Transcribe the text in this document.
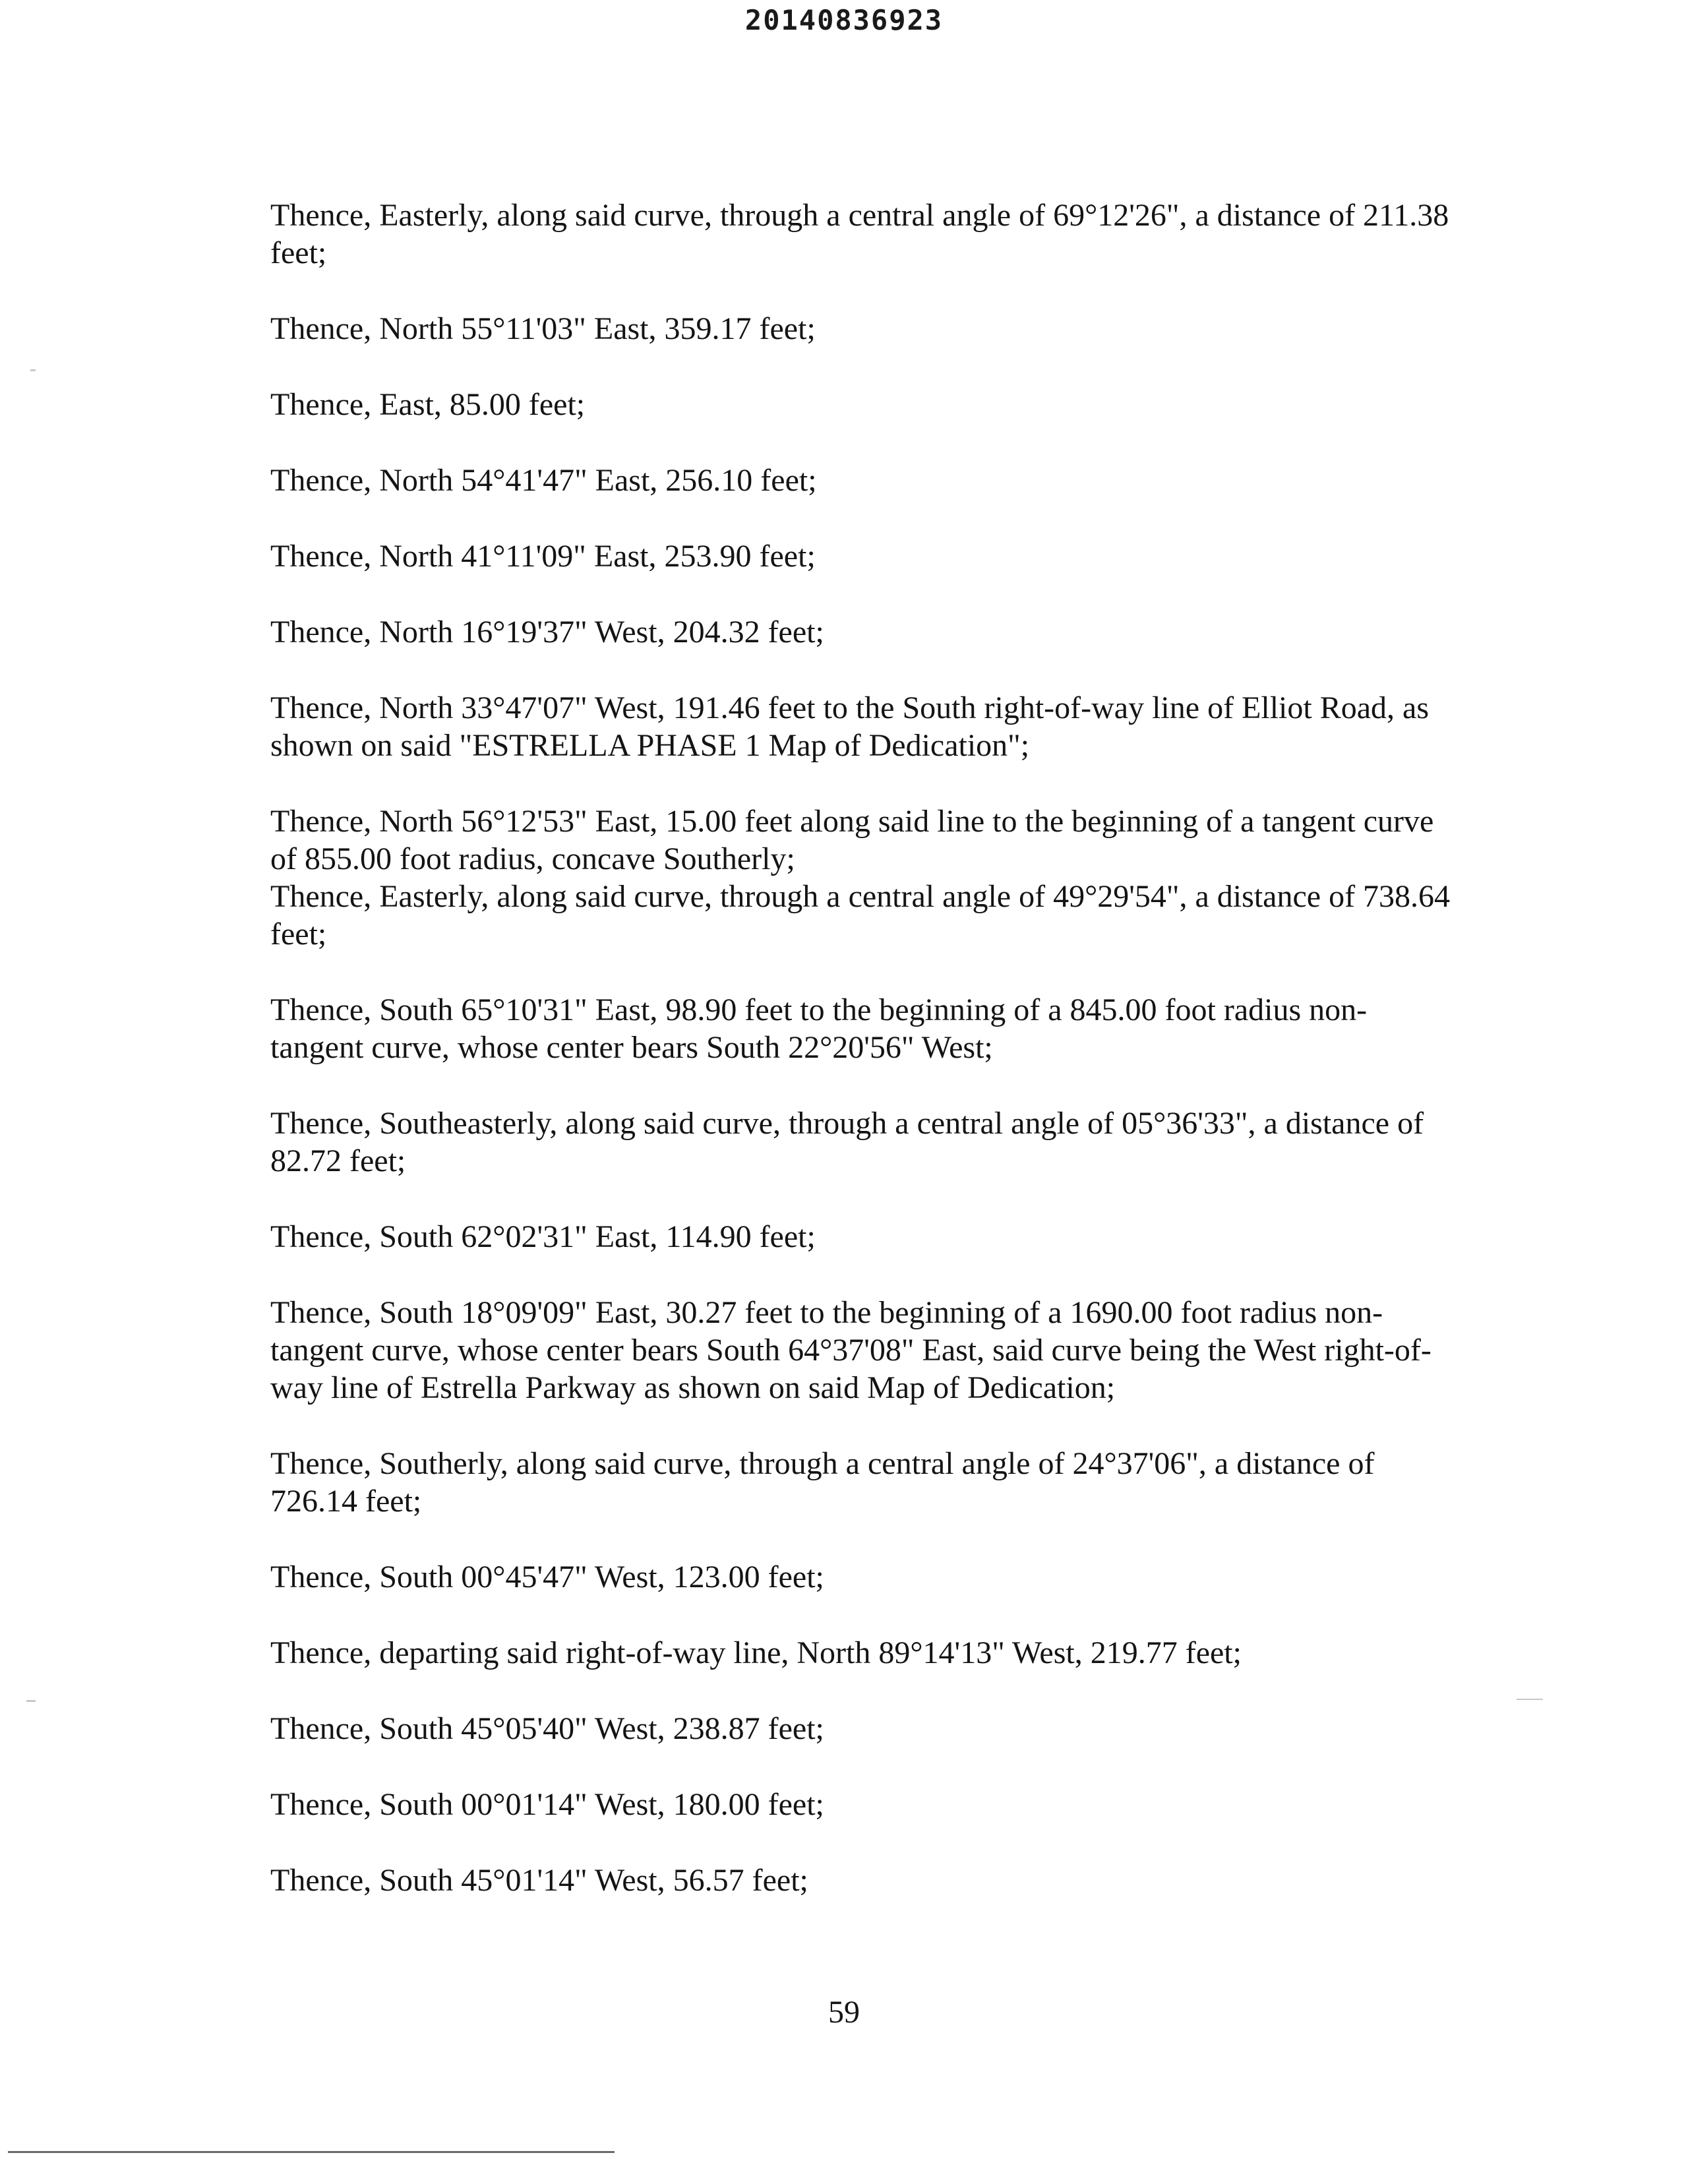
20140836923

Thence, Easterly, along said curve, through a central angle of 69°12'26", a distance of 211.38 feet;

Thence, North 55°11'03" East, 359.17 feet;

Thence, East, 85.00 feet;

Thence, North 54°41'47" East, 256.10 feet;

Thence, North 41°11'09" East, 253.90 feet;

Thence, North 16°19'37" West, 204.32 feet;

Thence, North 33°47'07" West, 191.46 feet to the South right-of-way line of Elliot Road, as shown on said "ESTRELLA PHASE 1 Map of Dedication";

Thence, North 56°12'53" East, 15.00 feet along said line to the beginning of a tangent curve of 855.00 foot radius, concave Southerly;

Thence, Easterly, along said curve, through a central angle of 49°29'54", a distance of 738.64 feet;

Thence, South 65°10'31" East, 98.90 feet to the beginning of a 845.00 foot radius non-tangent curve, whose center bears South 22°20'56" West;

Thence, Southeasterly, along said curve, through a central angle of 05°36'33", a distance of 82.72 feet;

Thence, South 62°02'31" East, 114.90 feet;

Thence, South 18°09'09" East, 30.27 feet to the beginning of a 1690.00 foot radius non-tangent curve, whose center bears South 64°37'08" East, said curve being the West right-of-way line of Estrella Parkway as shown on said Map of Dedication;

Thence, Southerly, along said curve, through a central angle of 24°37'06", a distance of 726.14 feet;

Thence, South 00°45'47" West, 123.00 feet;

Thence, departing said right-of-way line, North 89°14'13" West, 219.77 feet;

Thence, South 45°05'40" West, 238.87 feet;

Thence, South 00°01'14" West, 180.00 feet;

Thence, South 45°01'14" West, 56.57 feet;

59
